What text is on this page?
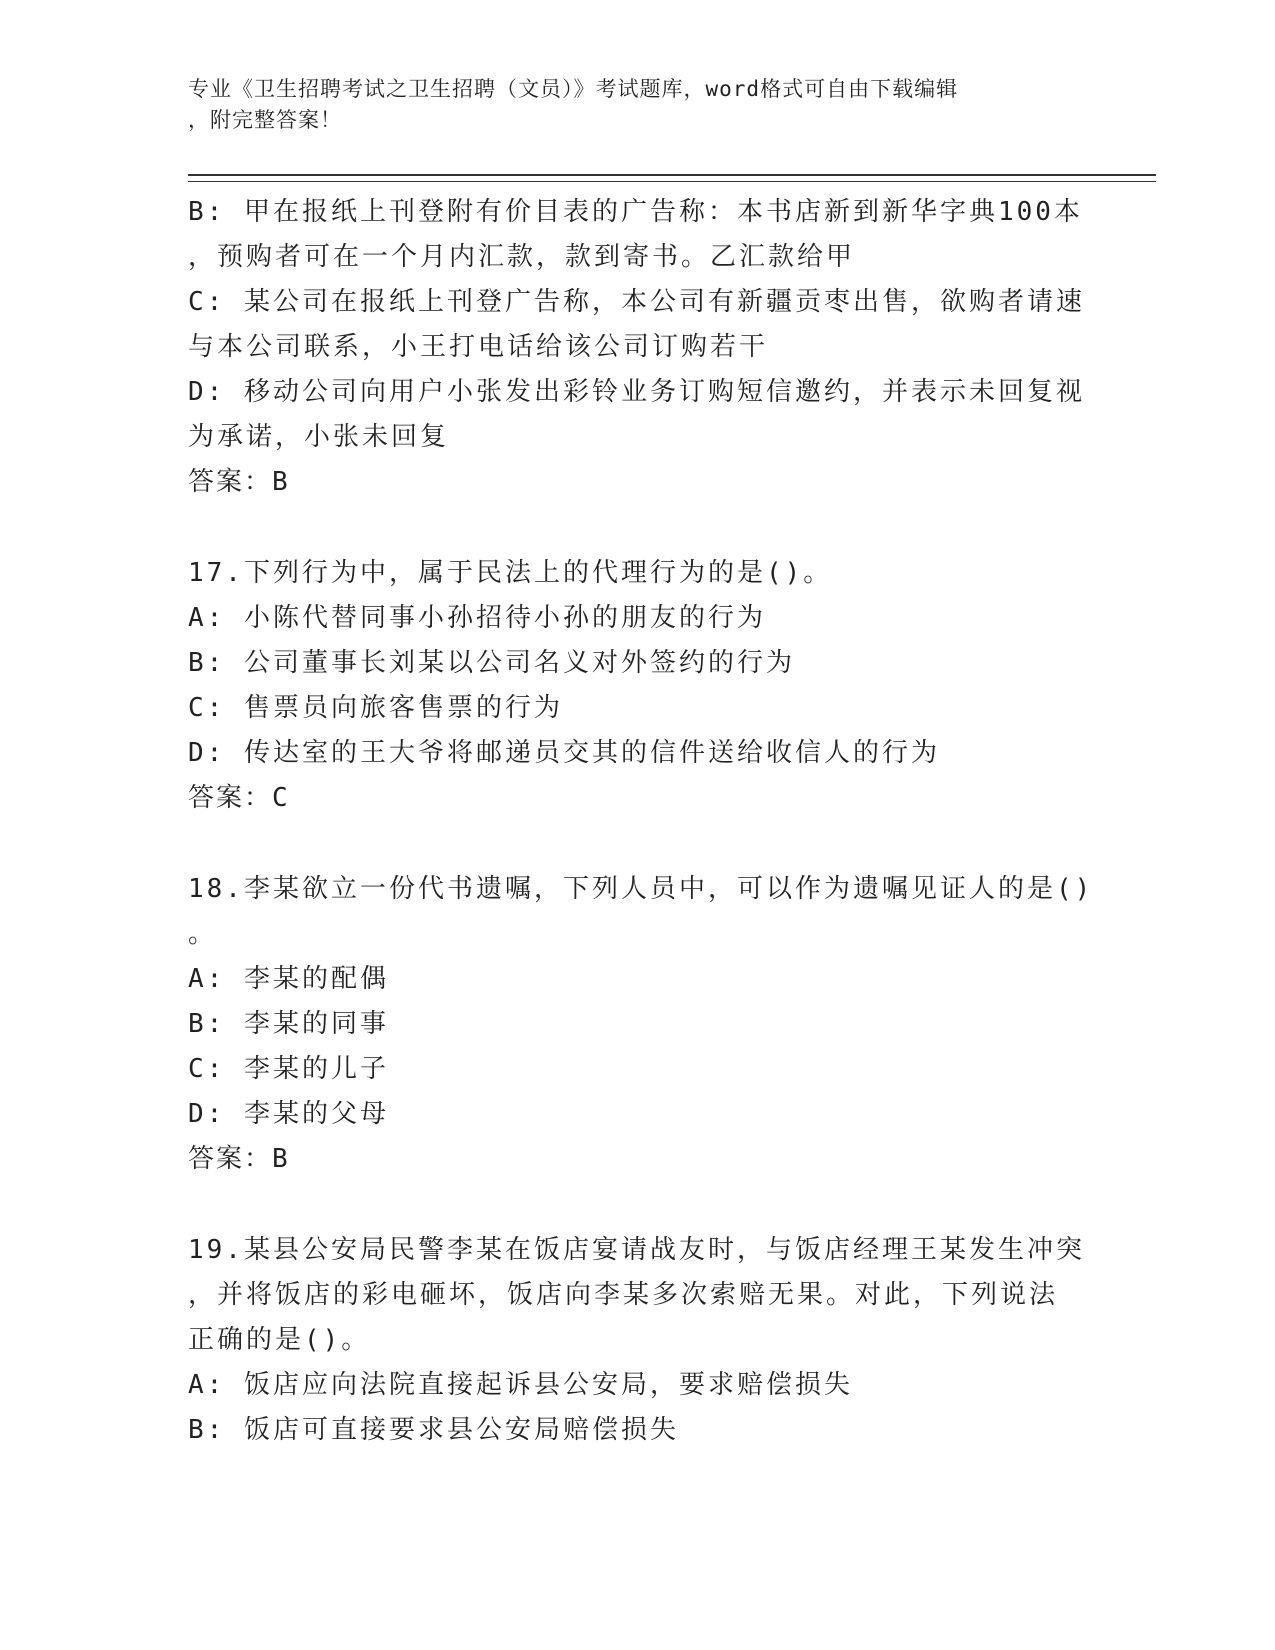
专业《卫生招聘考试之卫生招聘（文员）》考试题库，word格式可自由下载编辑
，附完整答案！
B: 甲在报纸上刊登附有价目表的广告称：本书店新到新华字典100本
，预购者可在一个月内汇款，款到寄书。乙汇款给甲
C: 某公司在报纸上刊登广告称，本公司有新疆贡枣出售，欲购者请速
与本公司联系，小王打电话给该公司订购若干
D: 移动公司向用户小张发出彩铃业务订购短信邀约，并表示未回复视
为承诺，小张未回复
答案：B
17.下列行为中，属于民法上的代理行为的是()。
A: 小陈代替同事小孙招待小孙的朋友的行为
B: 公司董事长刘某以公司名义对外签约的行为
C: 售票员向旅客售票的行为
D: 传达室的王大爷将邮递员交其的信件送给收信人的行为
答案：C
18.李某欲立一份代书遗嘱，下列人员中，可以作为遗嘱见证人的是()
。
A: 李某的配偶
B: 李某的同事
C: 李某的儿子
D: 李某的父母
答案：B
19.某县公安局民警李某在饭店宴请战友时，与饭店经理王某发生冲突
，并将饭店的彩电砸坏，饭店向李某多次索赔无果。对此，下列说法
正确的是()。
A: 饭店应向法院直接起诉县公安局，要求赔偿损失
B: 饭店可直接要求县公安局赔偿损失
